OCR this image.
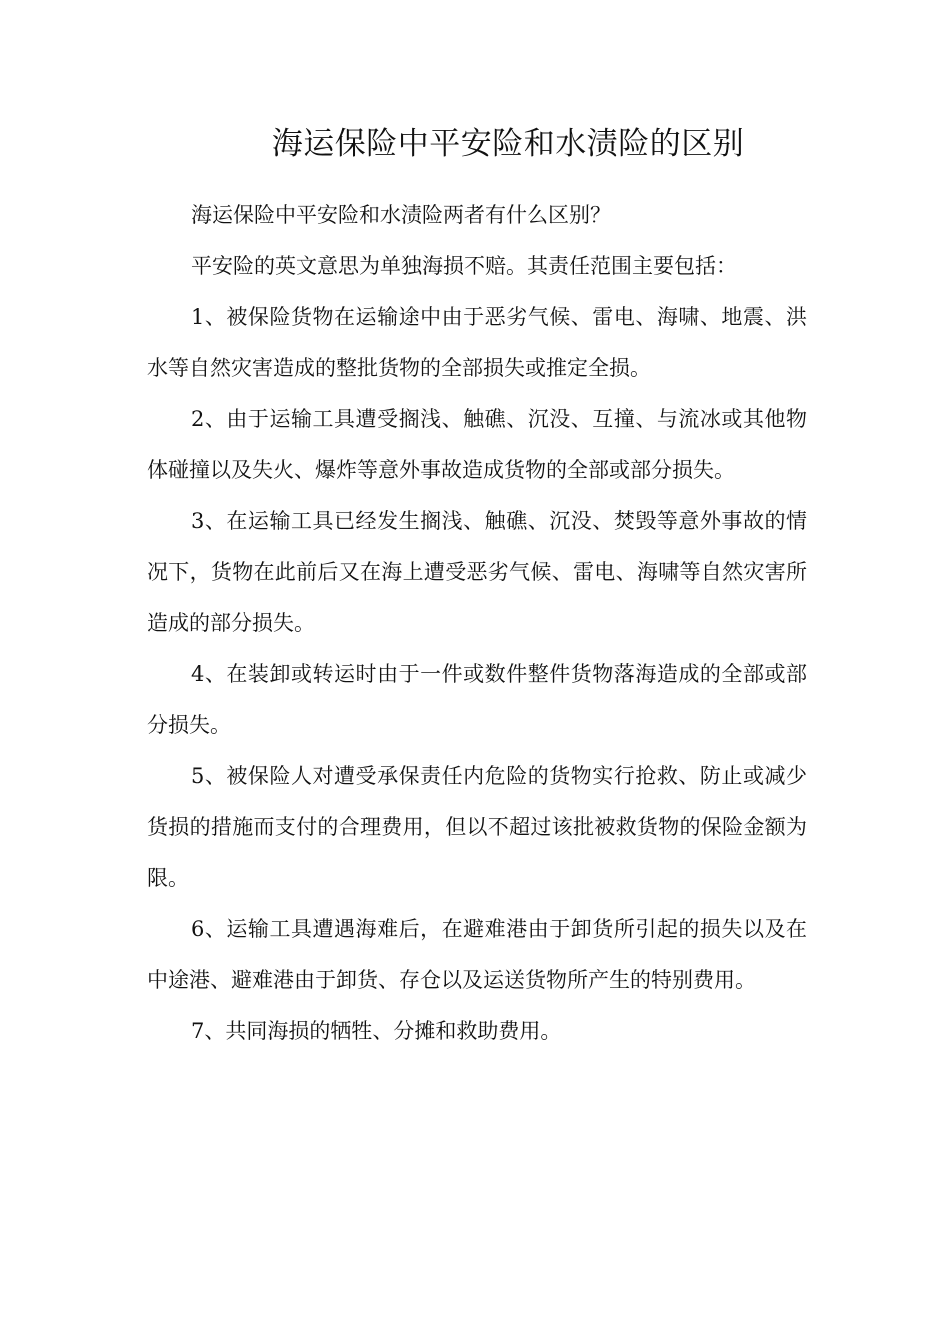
海运保险中平安险和水渍险的区别

海运保险中平安险和水渍险两者有什么区别？

平安险的英文意思为单独海损不赔。其责任范围主要包括：

1、被保险货物在运输途中由于恶劣气候、雷电、海啸、地震、洪水等自然灾害造成的整批货物的全部损失或推定全损。

2、由于运输工具遭受搁浅、触礁、沉没、互撞、与流冰或其他物体碰撞以及失火、爆炸等意外事故造成货物的全部或部分损失。

3、在运输工具已经发生搁浅、触礁、沉没、焚毁等意外事故的情况下，货物在此前后又在海上遭受恶劣气候、雷电、海啸等自然灾害所造成的部分损失。

4、在装卸或转运时由于一件或数件整件货物落海造成的全部或部分损失。

5、被保险人对遭受承保责任内危险的货物实行抢救、防止或减少货损的措施而支付的合理费用，但以不超过该批被救货物的保险金额为限。

6、运输工具遭遇海难后，在避难港由于卸货所引起的损失以及在中途港、避难港由于卸货、存仓以及运送货物所产生的特别费用。

7、共同海损的牺牲、分摊和救助费用。
